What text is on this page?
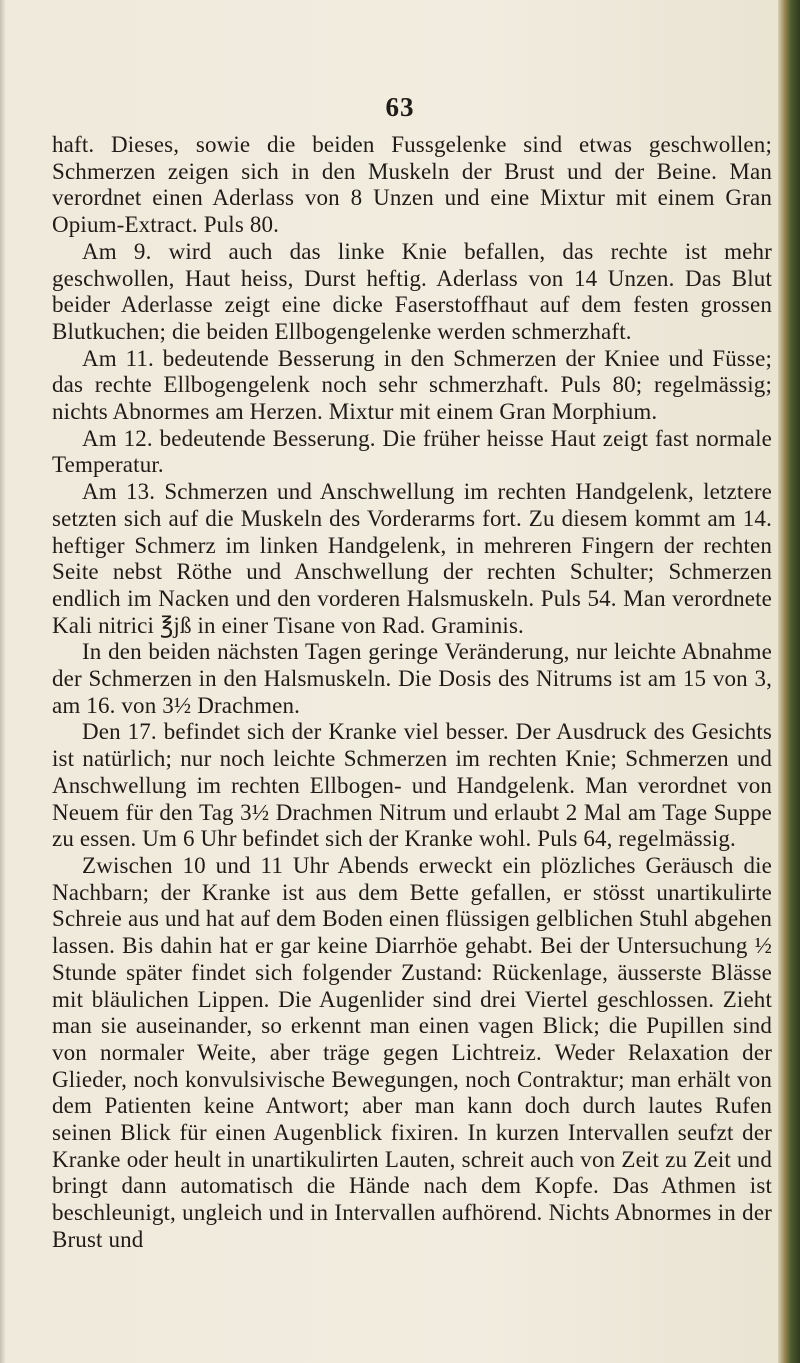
63

haft. Dieses, sowie die beiden Fussgelenke sind etwas geschwollen; Schmerzen zeigen sich in den Muskeln der Brust und der Beine. Man verordnet einen Aderlass von 8 Unzen und eine Mixtur mit einem Gran Opium-Extract. Puls 80.

Am 9. wird auch das linke Knie befallen, das rechte ist mehr geschwollen, Haut heiss, Durst heftig. Aderlass von 14 Unzen. Das Blut beider Aderlasse zeigt eine dicke Faserstoffhaut auf dem festen grossen Blutkuchen; die beiden Ellbogengelenke werden schmerzhaft.

Am 11. bedeutende Besserung in den Schmerzen der Kniee und Füsse; das rechte Ellbogengelenk noch sehr schmerzhaft. Puls 80; regelmässig; nichts Abnormes am Herzen. Mixtur mit einem Gran Morphium.

Am 12. bedeutende Besserung. Die früher heisse Haut zeigt fast normale Temperatur.

Am 13. Schmerzen und Anschwellung im rechten Handgelenk, letztere setzten sich auf die Muskeln des Vorderarms fort. Zu diesem kommt am 14. heftiger Schmerz im linken Handgelenk, in mehreren Fingern der rechten Seite nebst Röthe und Anschwellung der rechten Schulter; Schmerzen endlich im Nacken und den vorderen Halsmuskeln. Puls 54. Man verordnete Kali nitrici ℥jß in einer Tisane von Rad. Graminis.

In den beiden nächsten Tagen geringe Veränderung, nur leichte Abnahme der Schmerzen in den Halsmuskeln. Die Dosis des Nitrums ist am 15 von 3, am 16. von 3½ Drachmen.

Den 17. befindet sich der Kranke viel besser. Der Ausdruck des Gesichts ist natürlich; nur noch leichte Schmerzen im rechten Knie; Schmerzen und Anschwellung im rechten Ellbogen- und Handgelenk. Man verordnet von Neuem für den Tag 3½ Drachmen Nitrum und erlaubt 2 Mal am Tage Suppe zu essen. Um 6 Uhr befindet sich der Kranke wohl. Puls 64, regelmässig.

Zwischen 10 und 11 Uhr Abends erweckt ein plözliches Geräusch die Nachbarn; der Kranke ist aus dem Bette gefallen, er stösst unartikulirte Schreie aus und hat auf dem Boden einen flüssigen gelblichen Stuhl abgehen lassen. Bis dahin hat er gar keine Diarrhöe gehabt. Bei der Untersuchung ½ Stunde später findet sich folgender Zustand: Rückenlage, äusserste Blässe mit bläulichen Lippen. Die Augenlider sind drei Viertel geschlossen. Zieht man sie auseinander, so erkennt man einen vagen Blick; die Pupillen sind von normaler Weite, aber träge gegen Lichtreiz. Weder Relaxation der Glieder, noch konvulsivische Bewegungen, noch Contraktur; man erhält von dem Patienten keine Antwort; aber man kann doch durch lautes Rufen seinen Blick für einen Augenblick fixiren. In kurzen Intervallen seufzt der Kranke oder heult in unartikulirten Lauten, schreit auch von Zeit zu Zeit und bringt dann automatisch die Hände nach dem Kopfe. Das Athmen ist beschleunigt, ungleich und in Intervallen aufhörend. Nichts Abnormes in der Brust und
